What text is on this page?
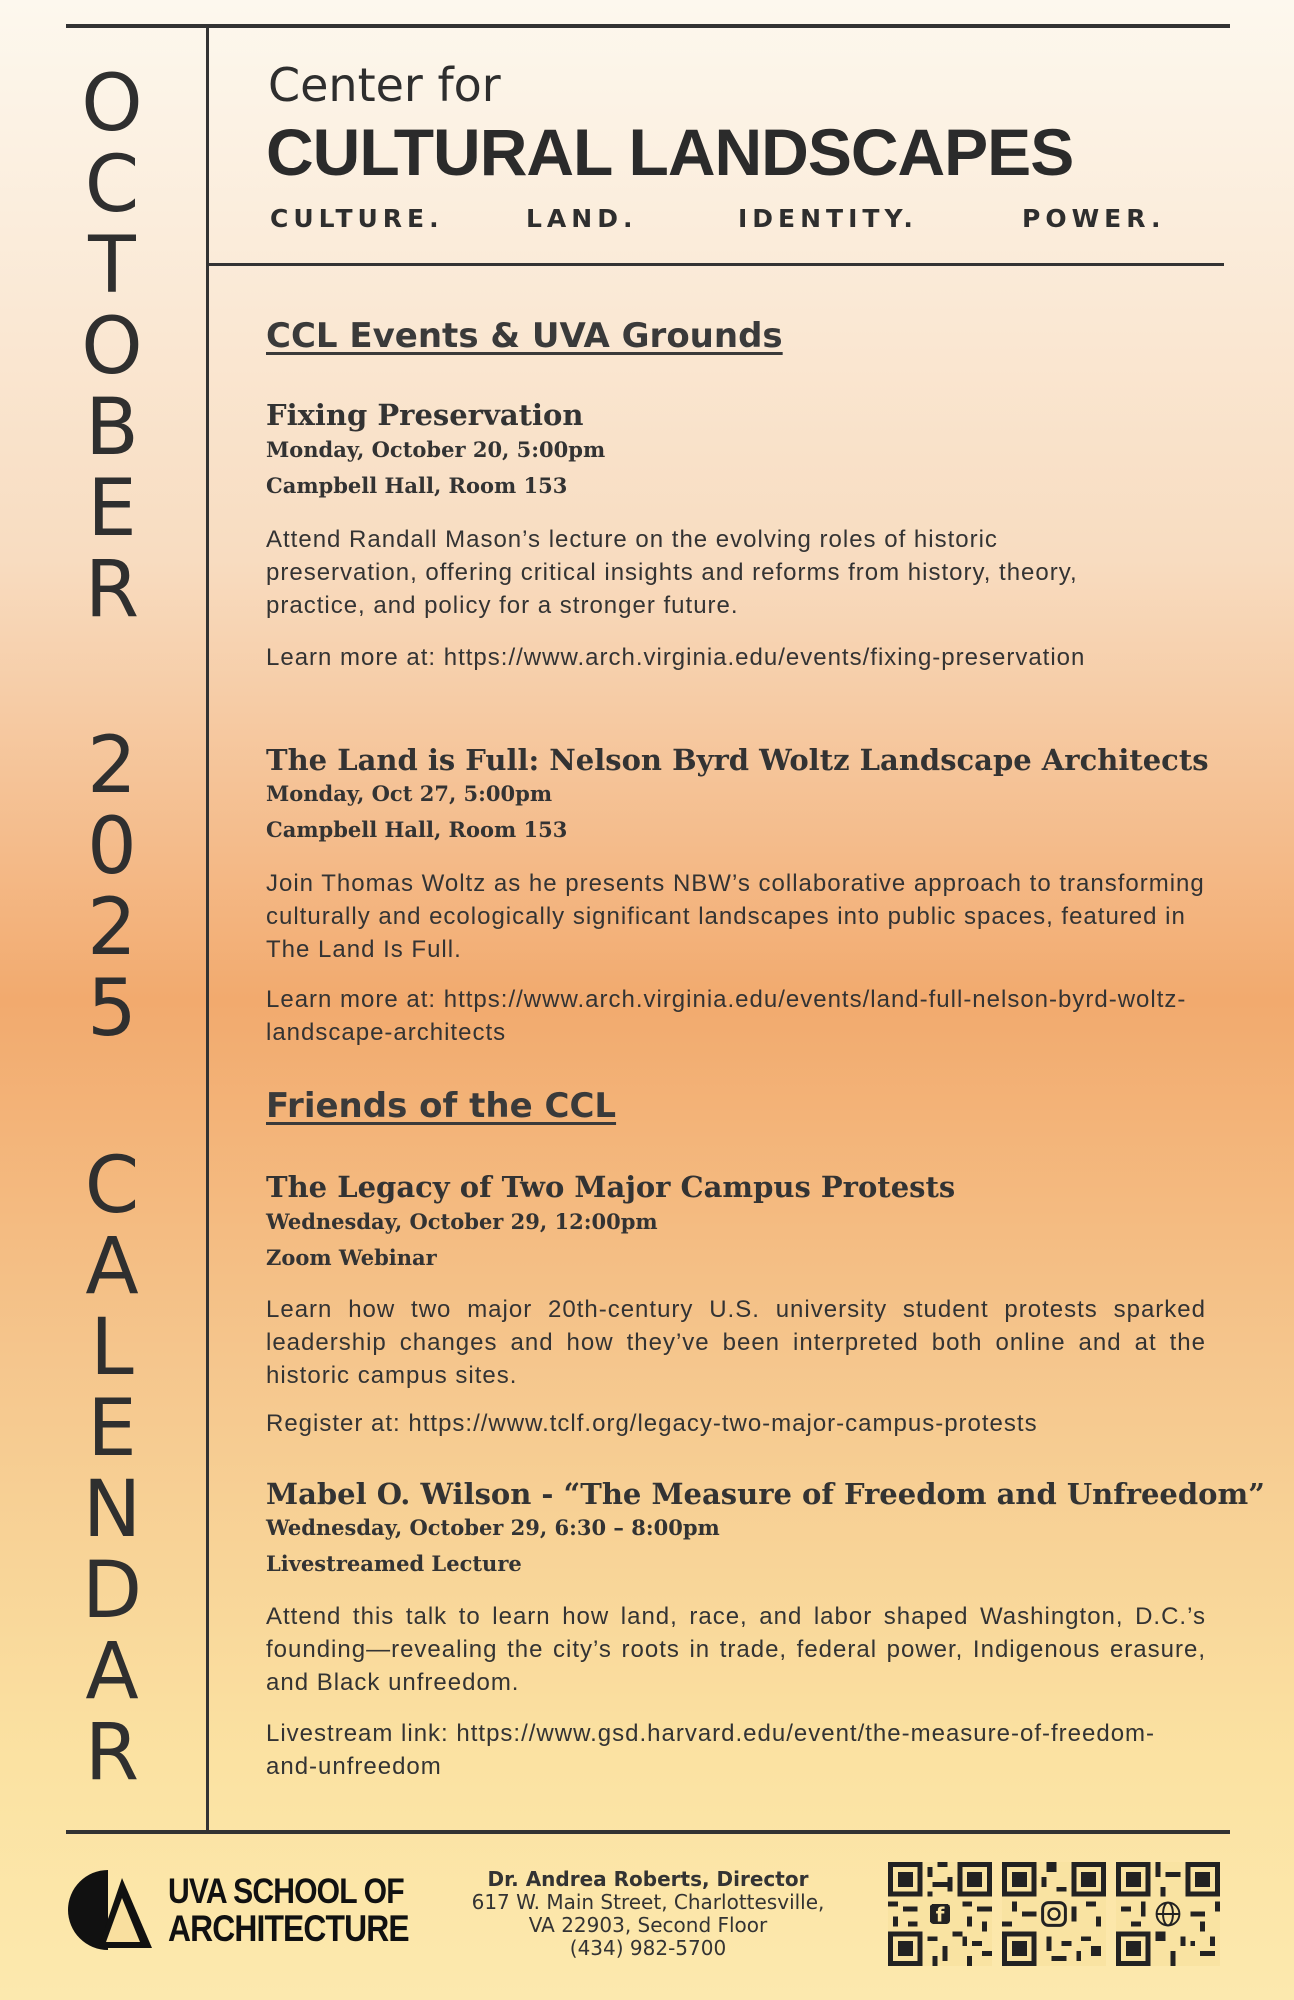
O
C
T
O
B
E
R
2
0
2
5
C
A
L
E
N
D
A
R
Center for
CULTURAL LANDSCAPES
CULTURE.	LAND.	IDENTITY.	POWER.
CCL Events & UVA Grounds
Fixing Preservation
Monday, October 20, 5:00pm
Campbell Hall, Room 153
Attend Randall Mason’s lecture on the evolving roles of historic preservation, offering critical insights and reforms from history, theory, practice, and policy for a stronger future.
Learn more at: https://www.arch.virginia.edu/events/fixing-preservation
The Land is Full: Nelson Byrd Woltz Landscape Architects
Monday, Oct 27, 5:00pm
Campbell Hall, Room 153
Join Thomas Woltz as he presents NBW’s collaborative approach to transforming culturally and ecologically significant landscapes into public spaces, featured in The Land Is Full.
Learn more at: https://www.arch.virginia.edu/events/land-full-nelson-byrd-woltz-landscape-architects
Friends of the CCL
The Legacy of Two Major Campus Protests
Wednesday, October 29, 12:00pm
Zoom Webinar
Learn how two major 20th-century U.S. university student protests sparked leadership changes and how they’ve been interpreted both online and at the historic campus sites.
Register at: https://www.tclf.org/legacy-two-major-campus-protests
Mabel O. Wilson - “The Measure of Freedom and Unfreedom”
Wednesday, October 29, 6:30 – 8:00pm
Livestreamed Lecture
Attend this talk to learn how land, race, and labor shaped Washington, D.C.’s founding—revealing the city’s roots in trade, federal power, Indigenous erasure, and Black unfreedom.
Livestream link: https://www.gsd.harvard.edu/event/the-measure-of-freedom-and-unfreedom
UVA SCHOOL OF
ARCHITECTURE
Dr. Andrea Roberts, Director
617 W. Main Street, Charlottesville, VA 22903, Second Floor
(434) 982-5700
f
